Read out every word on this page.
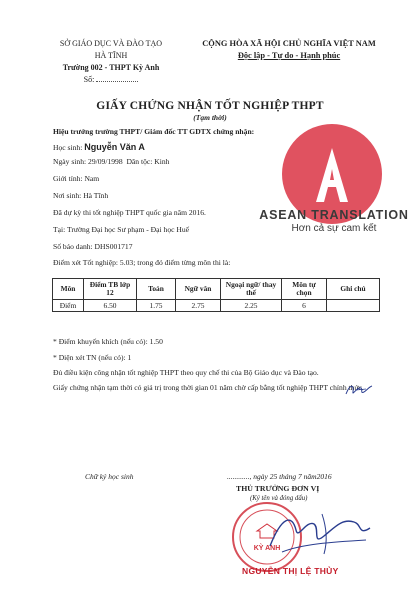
SỞ GIÁO DỤC VÀ ĐÀO TẠO
HÀ TĨNH
Trường 002 - THPT Kỳ Anh
Số:
CỘNG HÒA XÃ HỘI CHỦ NGHĨA VIỆT NAM
Độc lập - Tự do - Hạnh phúc
GIẤY CHỨNG NHẬN TỐT NGHIỆP THPT
(Tạm thời)
ASEAN TRANSLATION
Hơn cả sự cam kết
Hiệu trưởng trường THPT/ Giám đốc TT GDTX chứng nhận:
Học sinh: Nguyễn Văn A
Ngày sinh: 29/09/1998 Dân tộc: Kinh
Giới tính: Nam
Nơi sinh: Hà Tĩnh
Đã dự kỳ thi tốt nghiệp THPT quốc gia năm 2016.
Tại: Trường Đại học Sư phạm - Đại học Huế
Số báo danh: DHS001717
Điểm xét Tốt nghiệp: 5.03; trong đó điểm từng môn thi là:
Môn	Điểm TB lớp 12	Toán	Ngữ văn	Ngoại ngữ/ thay thế	Môn tự chọn	Ghi chú
Điểm	6.50	1.75	2.75	2.25	6	
* Điểm khuyến khích (nếu có): 1.50
* Diện xét TN (nếu có): 1
Đủ điều kiện công nhận tốt nghiệp THPT theo quy chế thi của Bộ Giáo dục và Đào tạo.
Giấy chứng nhận tạm thời có giá trị trong thời gian 01 năm chờ cấp bằng tốt nghiệp THPT chính thức.
Chữ ký học sinh	............, ngày 25 tháng 7 năm2016
THỦ TRƯỞNG ĐƠN VỊ
(Ký tên và đóng dấu)
KỲ ANH
NGUYỄN THỊ LỆ THỦY
